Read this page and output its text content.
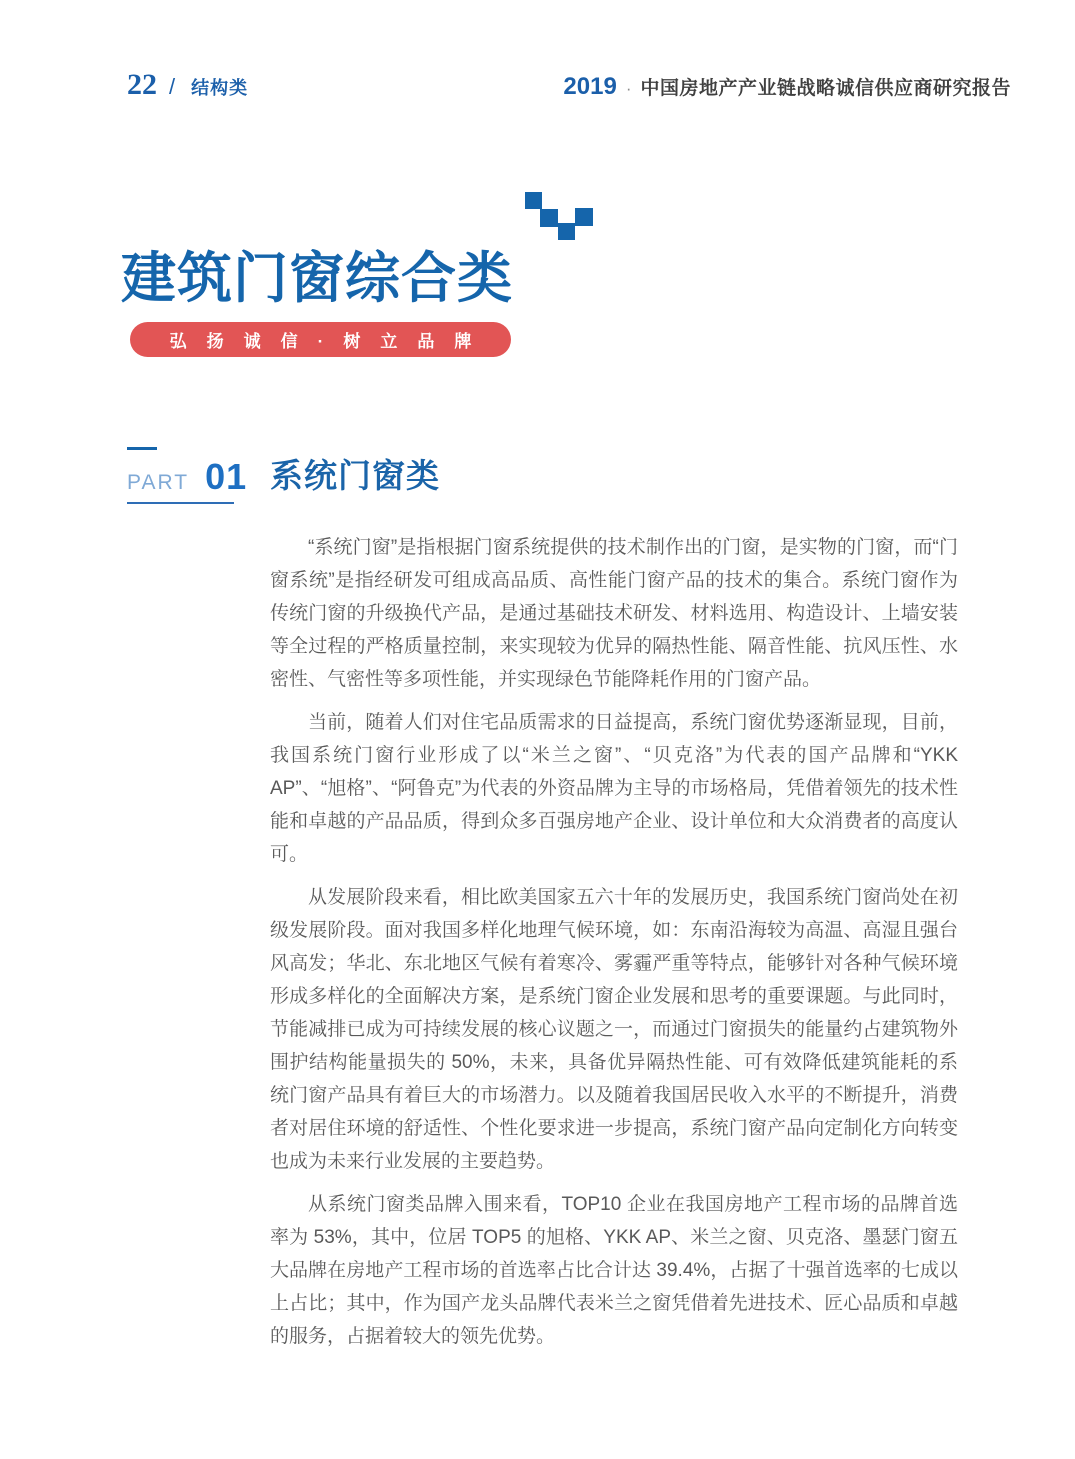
22 / 结构类	2019 · 中国房地产产业链战略诚信供应商研究报告
建筑门窗综合类
弘扬诚信·树立品牌
PART 01 系统门窗类

“系统门窗”是指根据门窗系统提供的技术制作出的门窗，是实物的门窗，而“门窗系统”是指经研发可组成高品质、高性能门窗产品的技术的集合。系统门窗作为传统门窗的升级换代产品，是通过基础技术研发、材料选用、构造设计、上墙安装等全过程的严格质量控制，来实现较为优异的隔热性能、隔音性能、抗风压性、水密性、气密性等多项性能，并实现绿色节能降耗作用的门窗产品。

当前，随着人们对住宅品质需求的日益提高，系统门窗优势逐渐显现，目前，我国系统门窗行业形成了以“米兰之窗”、“贝克洛”为代表的国产品牌和“YKK AP”、“旭格”、“阿鲁克”为代表的外资品牌为主导的市场格局，凭借着领先的技术性能和卓越的产品品质，得到众多百强房地产企业、设计单位和大众消费者的高度认可。

从发展阶段来看，相比欧美国家五六十年的发展历史，我国系统门窗尚处在初级发展阶段。面对我国多样化地理气候环境，如：东南沿海较为高温、高湿且强台风高发；华北、东北地区气候有着寒冷、雾霾严重等特点，能够针对各种气候环境形成多样化的全面解决方案，是系统门窗企业发展和思考的重要课题。与此同时，节能减排已成为可持续发展的核心议题之一，而通过门窗损失的能量约占建筑物外围护结构能量损失的 50%，未来，具备优异隔热性能、可有效降低建筑能耗的系统门窗产品具有着巨大的市场潜力。以及随着我国居民收入水平的不断提升，消费者对居住环境的舒适性、个性化要求进一步提高，系统门窗产品向定制化方向转变也成为未来行业发展的主要趋势。

从系统门窗类品牌入围来看，TOP10 企业在我国房地产工程市场的品牌首选率为 53%，其中，位居 TOP5 的旭格、YKK AP、米兰之窗、贝克洛、墨瑟门窗五大品牌在房地产工程市场的首选率占比合计达 39.4%，占据了十强首选率的七成以上占比；其中，作为国产龙头品牌代表米兰之窗凭借着先进技术、匠心品质和卓越的服务，占据着较大的领先优势。
